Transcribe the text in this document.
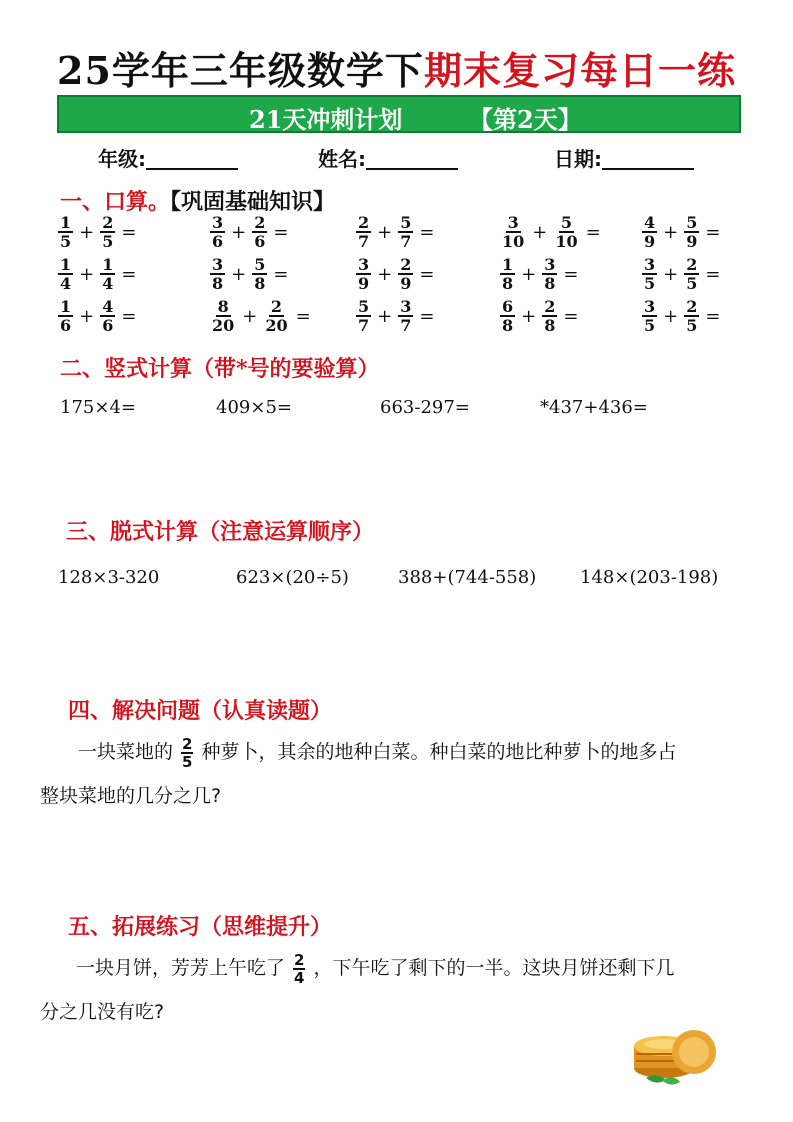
25学年三年级数学下期末复习每日一练
21天冲刺计划	【第2天】
年级:	姓名:	日期:
一、口算。【巩固基础知识】
$\frac{1}{5} + \frac{2}{5}$ =	$\frac{3}{6} + \frac{2}{6}$ =	$\frac{2}{7} + \frac{5}{7}$ =	$\frac{3}{10} + \frac{5}{10}$ =	$\frac{4}{9} + \frac{5}{9}$ =
$\frac{1}{4} + \frac{1}{4}$ =	$\frac{3}{8} + \frac{5}{8}$ =	$\frac{3}{9} + \frac{2}{9}$ =	$\frac{1}{8} + \frac{3}{8}$ =	$\frac{3}{5} + \frac{2}{5}$ =
$\frac{1}{6} + \frac{4}{6}$ =	$\frac{8}{20} + \frac{2}{20}$ =	$\frac{5}{7} + \frac{3}{7}$ =	$\frac{6}{8} + \frac{2}{8}$ =	$\frac{3}{5} + \frac{2}{5}$ =
二、竖式计算（带*号的要验算）
175×4=	409×5=	663-297=	*437+436=
三、脱式计算（注意运算顺序）
128×3-320	623×(20÷5)	388+(744-558) 148×(203-198)
四、解决问题（认真读题）
一块菜地的 $\frac{2}{5}$ 种萝卜，其余的地种白菜。种白菜的地比种萝卜的地多占
整块菜地的几分之几?
五、拓展练习（思维提升）
一块月饼，芳芳上午吃了 $\frac{2}{4}$ ，下午吃了剩下的一半。这块月饼还剩下几
分之几没有吃?
